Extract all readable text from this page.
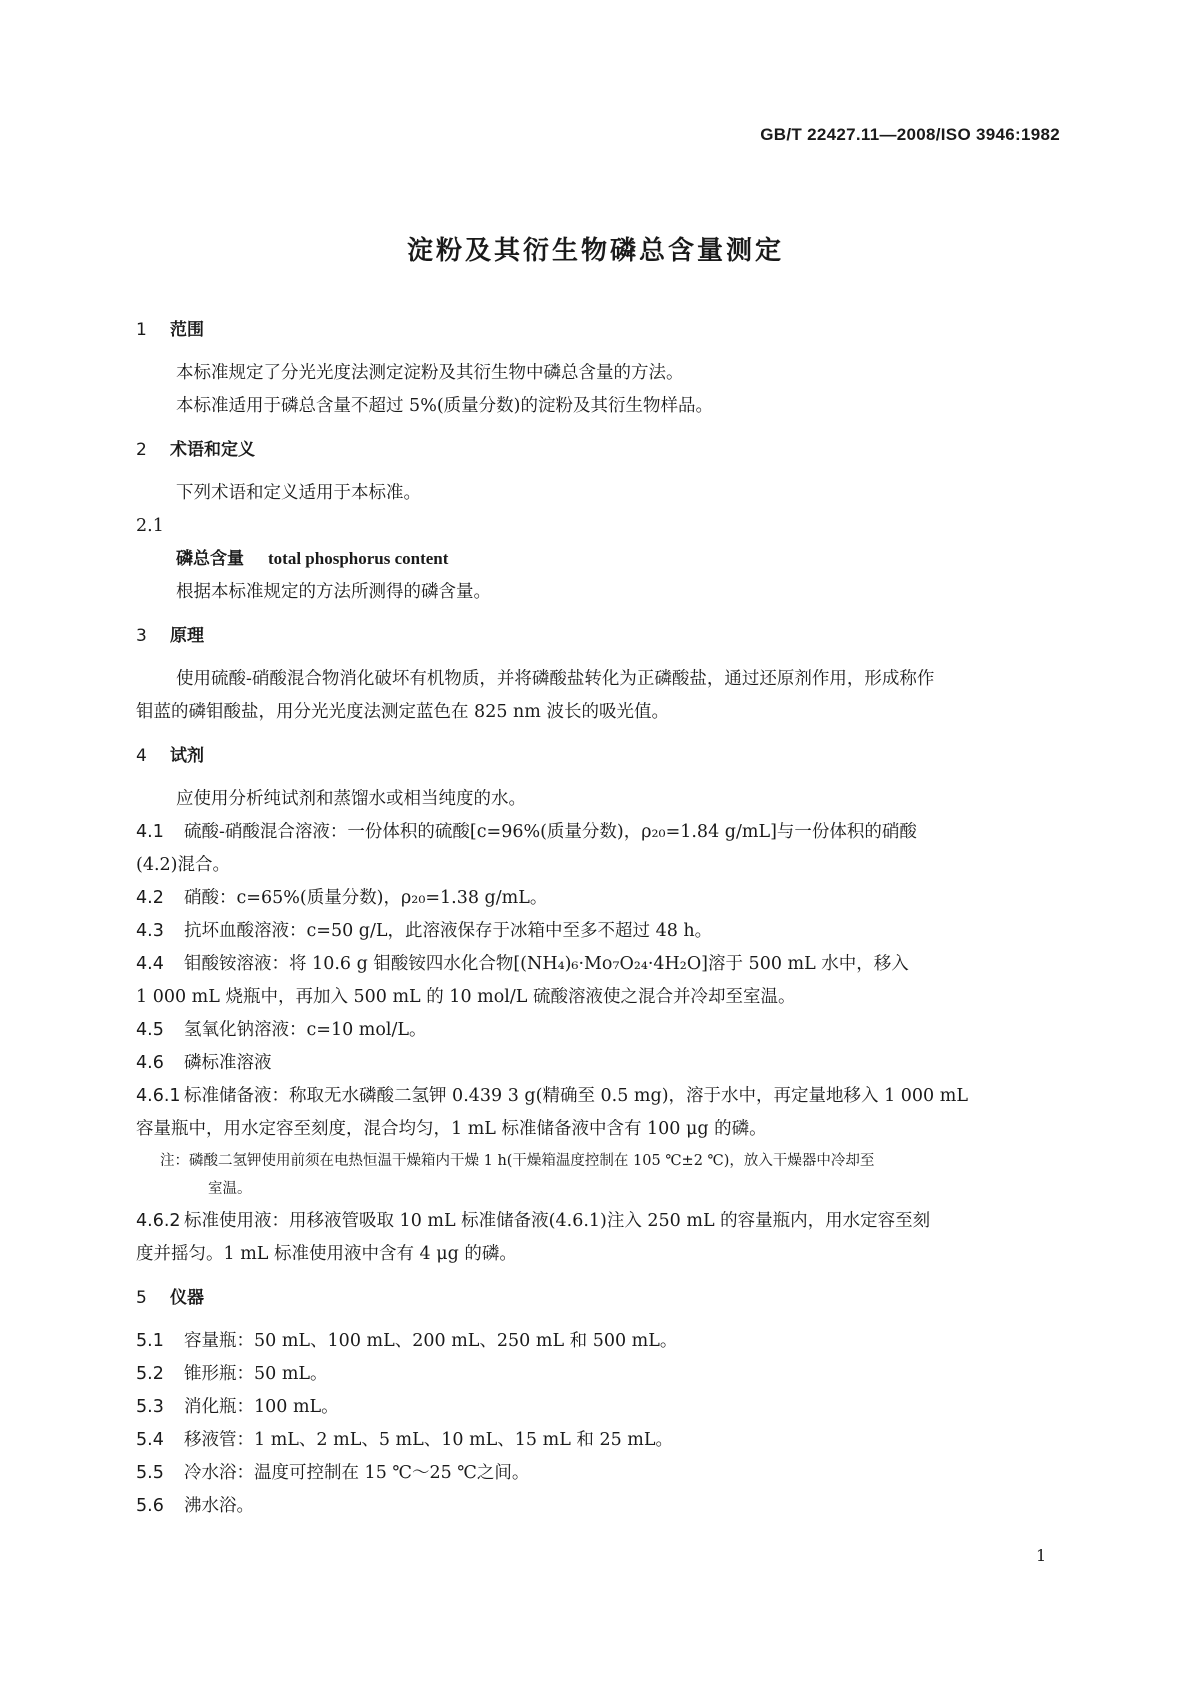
GB/T 22427.11—2008/ISO 3946:1982
淀粉及其衍生物磷总含量测定
1 范围
本标准规定了分光光度法测定淀粉及其衍生物中磷总含量的方法。
本标准适用于磷总含量不超过 5%(质量分数)的淀粉及其衍生物样品。
2 术语和定义
下列术语和定义适用于本标准。
2.1
磷总含量 total phosphorus content
根据本标准规定的方法所测得的磷含量。
3 原理
使用硫酸-硝酸混合物消化破坏有机物质，并将磷酸盐转化为正磷酸盐，通过还原剂作用，形成称作
钼蓝的磷钼酸盐，用分光光度法测定蓝色在 825 nm 波长的吸光值。
4 试剂
应使用分析纯试剂和蒸馏水或相当纯度的水。
4.1 硫酸-硝酸混合溶液：一份体积的硫酸[c=96%(质量分数)，ρ₂₀=1.84 g/mL]与一份体积的硝酸
(4.2)混合。
4.2 硝酸：c=65%(质量分数)，ρ₂₀=1.38 g/mL。
4.3 抗坏血酸溶液：c=50 g/L，此溶液保存于冰箱中至多不超过 48 h。
4.4 钼酸铵溶液：将 10.6 g 钼酸铵四水化合物[(NH₄)₆·Mo₇O₂₄·4H₂O]溶于 500 mL 水中，移入
1 000 mL 烧瓶中，再加入 500 mL 的 10 mol/L 硫酸溶液使之混合并冷却至室温。
4.5 氢氧化钠溶液：c=10 mol/L。
4.6 磷标准溶液
4.6.1 标准储备液：称取无水磷酸二氢钾 0.439 3 g(精确至 0.5 mg)，溶于水中，再定量地移入 1 000 mL
容量瓶中，用水定容至刻度，混合均匀，1 mL 标准储备液中含有 100 μg 的磷。
注：磷酸二氢钾使用前须在电热恒温干燥箱内干燥 1 h(干燥箱温度控制在 105 ℃±2 ℃)，放入干燥器中冷却至
室温。
4.6.2 标准使用液：用移液管吸取 10 mL 标准储备液(4.6.1)注入 250 mL 的容量瓶内，用水定容至刻
度并摇匀。1 mL 标准使用液中含有 4 μg 的磷。
5 仪器
5.1 容量瓶：50 mL、100 mL、200 mL、250 mL 和 500 mL。
5.2 锥形瓶：50 mL。
5.3 消化瓶：100 mL。
5.4 移液管：1 mL、2 mL、5 mL、10 mL、15 mL 和 25 mL。
5.5 冷水浴：温度可控制在 15 ℃～25 ℃之间。
5.6 沸水浴。
1
